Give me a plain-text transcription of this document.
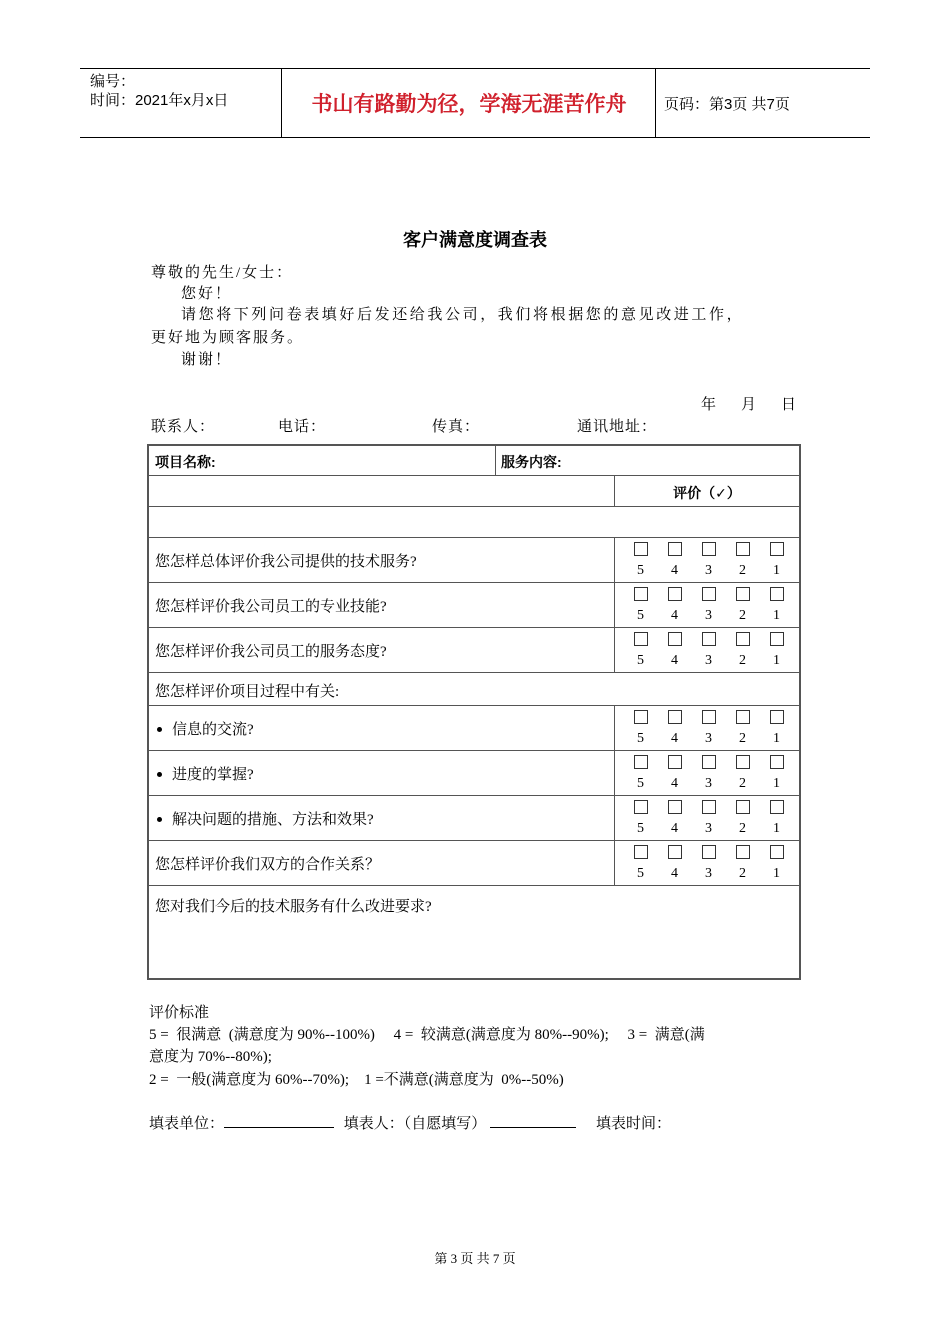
编号：
时间：2021年x月x日	书山有路勤为径，学海无涯苦作舟	页码：第3页 共7页
客户满意度调查表
尊敬的先生/女士：
您好！
请您将下列问卷表填好后发还给我公司，我们将根据您的意见改进工作，
更好地为顾客服务。
谢谢！
年    月    日
联系人：	电话：	传真：	通讯地址：
项目名称:	服务内容:
评价（✓）
您怎样总体评价我公司提供的技术服务?
5 4 3 2 1
您怎样评价我公司员工的专业技能?
5 4 3 2 1
您怎样评价我公司员工的服务态度?
5 4 3 2 1
您怎样评价项目过程中有关:
信息的交流?
5 4 3 2 1
进度的掌握?
5 4 3 2 1
解决问题的措施、方法和效果?
5 4 3 2 1
您怎样评价我们双方的合作关系？
5 4 3 2 1
您对我们今后的技术服务有什么改进要求?
评价标准
5 =  很满意  (满意度为 90%--100%)     4 =  较满意(满意度为 80%--90%);     3 =  满意(满
意度为 70%--80%);
2 =  一般(满意度为 60%--70%);    1 =不满意(满意度为  0%--50%)
填表单位：	填表人：（自愿填写）	填表时间：
第 3 页 共 7 页
